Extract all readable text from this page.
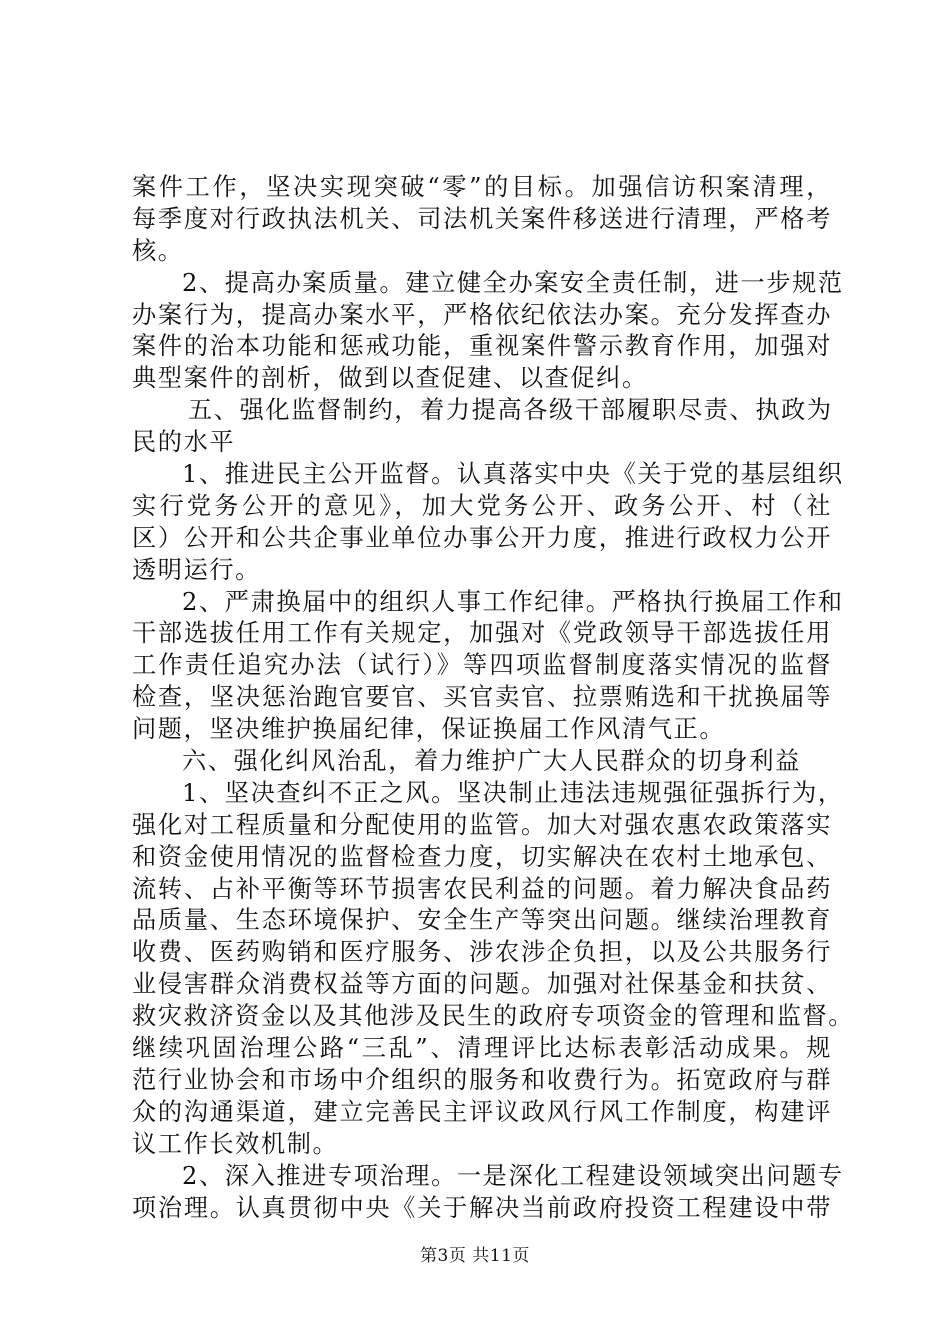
案件工作，坚决实现突破“零”的目标。加强信访积案清理，
每季度对行政执法机关、司法机关案件移送进行清理，严格考
核。
2、提高办案质量。建立健全办案安全责任制，进一步规范
办案行为，提高办案水平，严格依纪依法办案。充分发挥查办
案件的治本功能和惩戒功能，重视案件警示教育作用，加强对
典型案件的剖析，做到以查促建、以查促纠。
五、强化监督制约，着力提高各级干部履职尽责、执政为
民的水平
1、推进民主公开监督。认真落实中央《关于党的基层组织
实行党务公开的意见》，加大党务公开、政务公开、村（社
区）公开和公共企事业单位办事公开力度，推进行政权力公开
透明运行。
2、严肃换届中的组织人事工作纪律。严格执行换届工作和
干部选拔任用工作有关规定，加强对《党政领导干部选拔任用
工作责任追究办法（试行）》等四项监督制度落实情况的监督
检查，坚决惩治跑官要官、买官卖官、拉票贿选和干扰换届等
问题，坚决维护换届纪律，保证换届工作风清气正。
六、强化纠风治乱，着力维护广大人民群众的切身利益
1、坚决查纠不正之风。坚决制止违法违规强征强拆行为，
强化对工程质量和分配使用的监管。加大对强农惠农政策落实
和资金使用情况的监督检查力度，切实解决在农村土地承包、
流转、占补平衡等环节损害农民利益的问题。着力解决食品药
品质量、生态环境保护、安全生产等突出问题。继续治理教育
收费、医药购销和医疗服务、涉农涉企负担，以及公共服务行
业侵害群众消费权益等方面的问题。加强对社保基金和扶贫、
救灾救济资金以及其他涉及民生的政府专项资金的管理和监督。
继续巩固治理公路“三乱”、清理评比达标表彰活动成果。规
范行业协会和市场中介组织的服务和收费行为。拓宽政府与群
众的沟通渠道，建立完善民主评议政风行风工作制度，构建评
议工作长效机制。
2、深入推进专项治理。一是深化工程建设领域突出问题专
项治理。认真贯彻中央《关于解决当前政府投资工程建设中带
第3页 共11页
